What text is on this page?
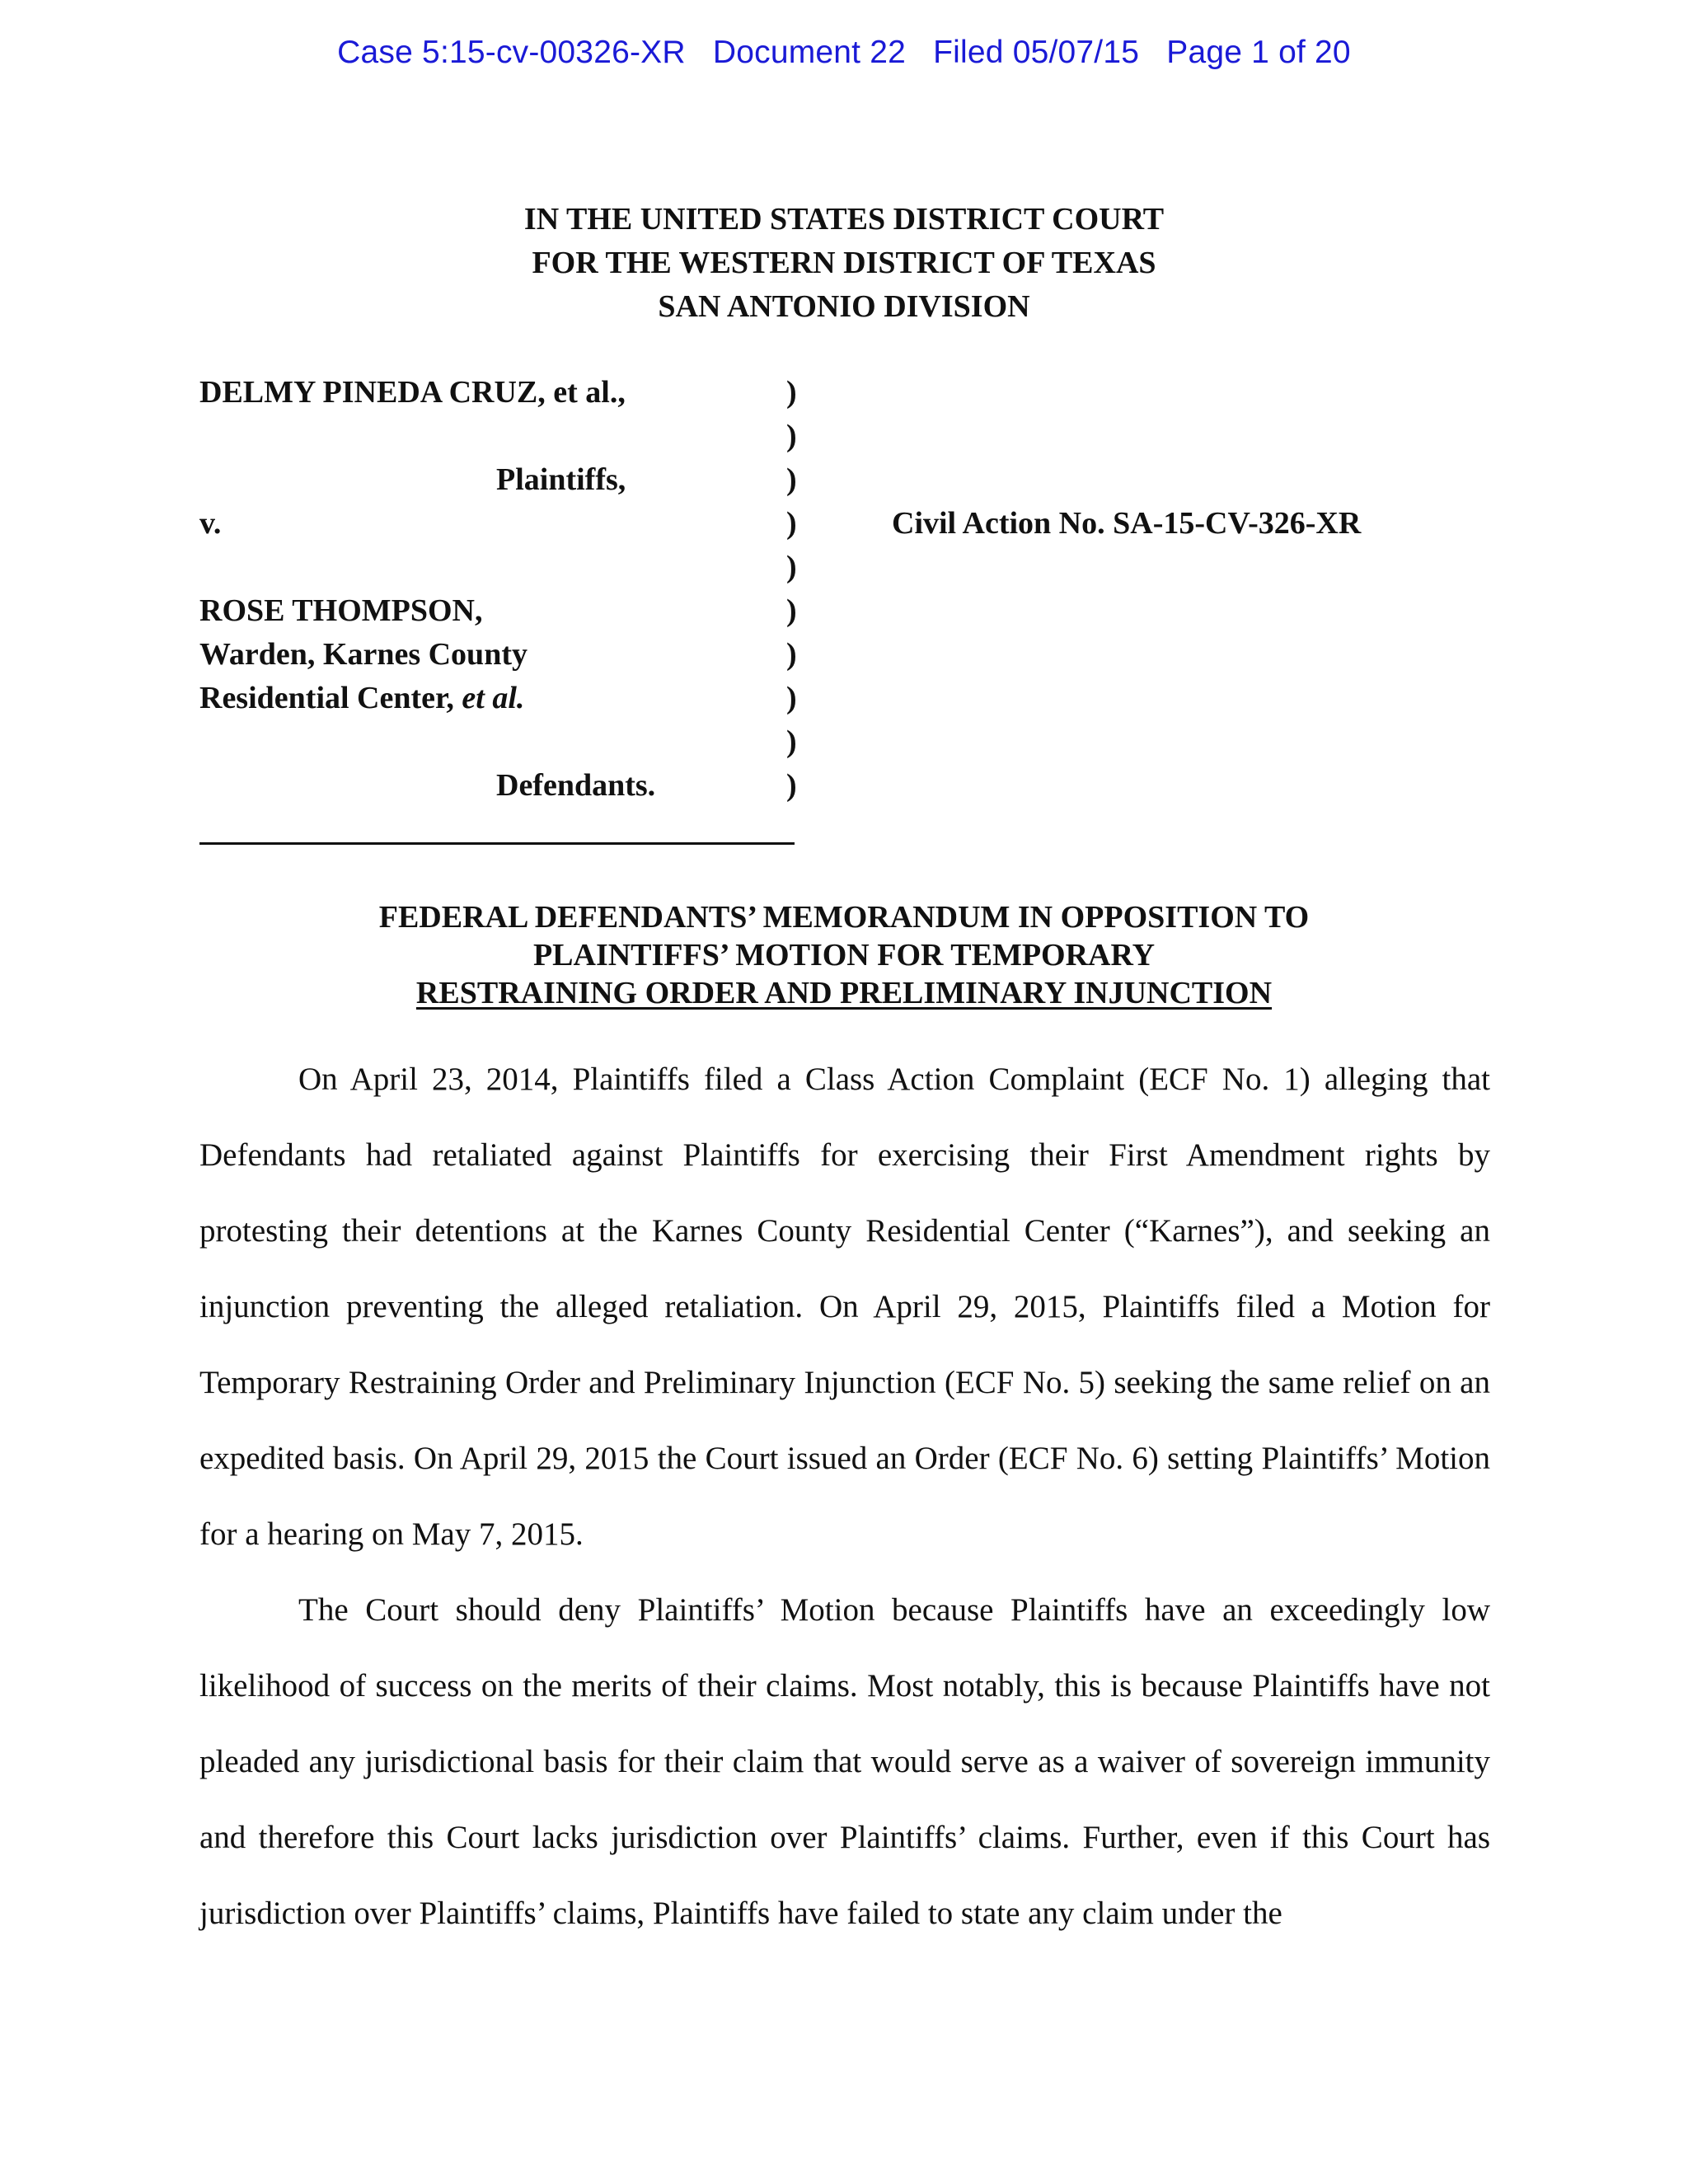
Case 5:15-cv-00326-XR Document 22 Filed 05/07/15 Page 1 of 20
IN THE UNITED STATES DISTRICT COURT
FOR THE WESTERN DISTRICT OF TEXAS
SAN ANTONIO DIVISION
DELMY PINEDA CRUZ, et al.,
Plaintiffs,
v.
ROSE THOMPSON,
Warden, Karnes County
Residential Center, et al.
Defendants.
)
)
)
)
)
)
)
)
)
)
Civil Action No. SA-15-CV-326-XR
FEDERAL DEFENDANTS’ MEMORANDUM IN OPPOSITION TO
PLAINTIFFS’ MOTION FOR TEMPORARY
RESTRAINING ORDER AND PRELIMINARY INJUNCTION

On April 23, 2014, Plaintiffs filed a Class Action Complaint (ECF No. 1) alleging that Defendants had retaliated against Plaintiffs for exercising their First Amendment rights by protesting their detentions at the Karnes County Residential Center (“Karnes”), and seeking an injunction preventing the alleged retaliation. On April 29, 2015, Plaintiffs filed a Motion for Temporary Restraining Order and Preliminary Injunction (ECF No. 5) seeking the same relief on an expedited basis. On April 29, 2015 the Court issued an Order (ECF No. 6) setting Plaintiffs’ Motion for a hearing on May 7, 2015.

The Court should deny Plaintiffs’ Motion because Plaintiffs have an exceedingly low likelihood of success on the merits of their claims. Most notably, this is because Plaintiffs have not pleaded any jurisdictional basis for their claim that would serve as a waiver of sovereign immunity and therefore this Court lacks jurisdiction over Plaintiffs’ claims. Further, even if this Court has jurisdiction over Plaintiffs’ claims, Plaintiffs have failed to state any claim under the
